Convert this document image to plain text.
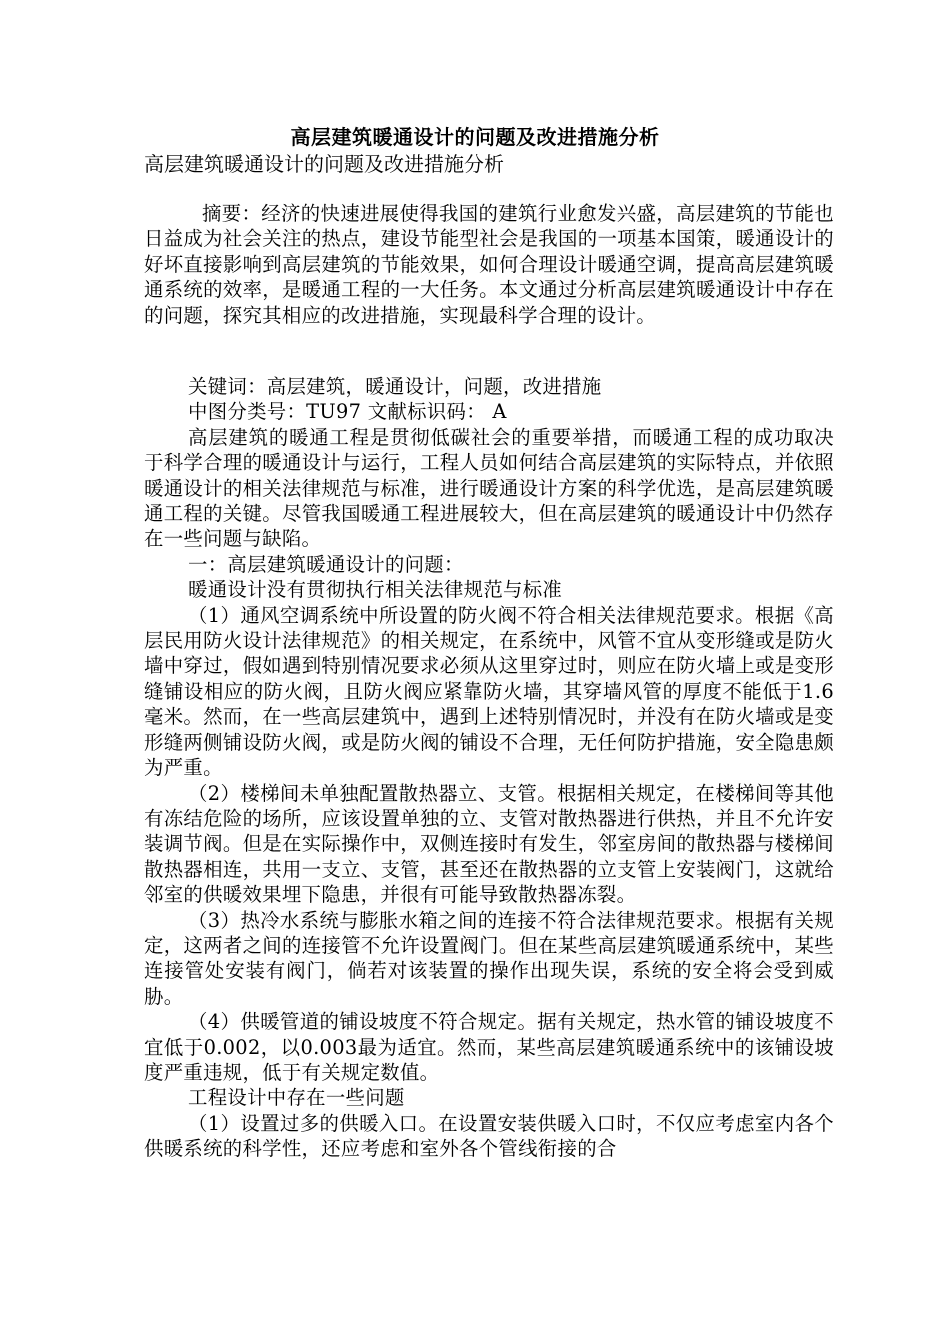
高层建筑暖通设计的问题及改进措施分析
高层建筑暖通设计的问题及改进措施分析

摘要：经济的快速进展使得我国的建筑行业愈发兴盛，高层建筑的节能也日益成为社会关注的热点，建设节能型社会是我国的一项基本国策，暖通设计的好坏直接影响到高层建筑的节能效果，如何合理设计暖通空调，提高高层建筑暖通系统的效率，是暖通工程的一大任务。本文通过分析高层建筑暖通设计中存在的问题，探究其相应的改进措施，实现最科学合理的设计。

关键词：高层建筑，暖通设计，问题，改进措施

中图分类号：TU97 文献标识码： A

高层建筑的暖通工程是贯彻低碳社会的重要举措，而暖通工程的成功取决于科学合理的暖通设计与运行，工程人员如何结合高层建筑的实际特点，并依照暖通设计的相关法律规范与标准，进行暖通设计方案的科学优选，是高层建筑暖通工程的关键。尽管我国暖通工程进展较大，但在高层建筑的暖通设计中仍然存在一些问题与缺陷。

一：高层建筑暖通设计的问题：

暖通设计没有贯彻执行相关法律规范与标准

（1）通风空调系统中所设置的防火阀不符合相关法律规范要求。根据《高层民用防火设计法律规范》的相关规定，在系统中，风管不宜从变形缝或是防火墙中穿过，假如遇到特别情况要求必须从这里穿过时，则应在防火墙上或是变形缝铺设相应的防火阀，且防火阀应紧靠防火墙，其穿墙风管的厚度不能低于1.6毫米。然而，在一些高层建筑中，遇到上述特别情况时，并没有在防火墙或是变形缝两侧铺设防火阀，或是防火阀的铺设不合理，无任何防护措施，安全隐患颇为严重。

（2）楼梯间未单独配置散热器立、支管。根据相关规定，在楼梯间等其他有冻结危险的场所，应该设置单独的立、支管对散热器进行供热，并且不允许安装调节阀。但是在实际操作中，双侧连接时有发生，邻室房间的散热器与楼梯间散热器相连，共用一支立、支管，甚至还在散热器的立支管上安装阀门，这就给邻室的供暖效果埋下隐患，并很有可能导致散热器冻裂。

（3）热冷水系统与膨胀水箱之间的连接不符合法律规范要求。根据有关规定，这两者之间的连接管不允许设置阀门。但在某些高层建筑暖通系统中，某些连接管处安装有阀门，倘若对该装置的操作出现失误，系统的安全将会受到威胁。

（4）供暖管道的铺设坡度不符合规定。据有关规定，热水管的铺设坡度不宜低于0.002，以0.003最为适宜。然而，某些高层建筑暖通系统中的该铺设坡度严重违规，低于有关规定数值。

工程设计中存在一些问题

（1）设置过多的供暖入口。在设置安装供暖入口时，不仅应考虑室内各个供暖系统的科学性，还应考虑和室外各个管线衔接的合
